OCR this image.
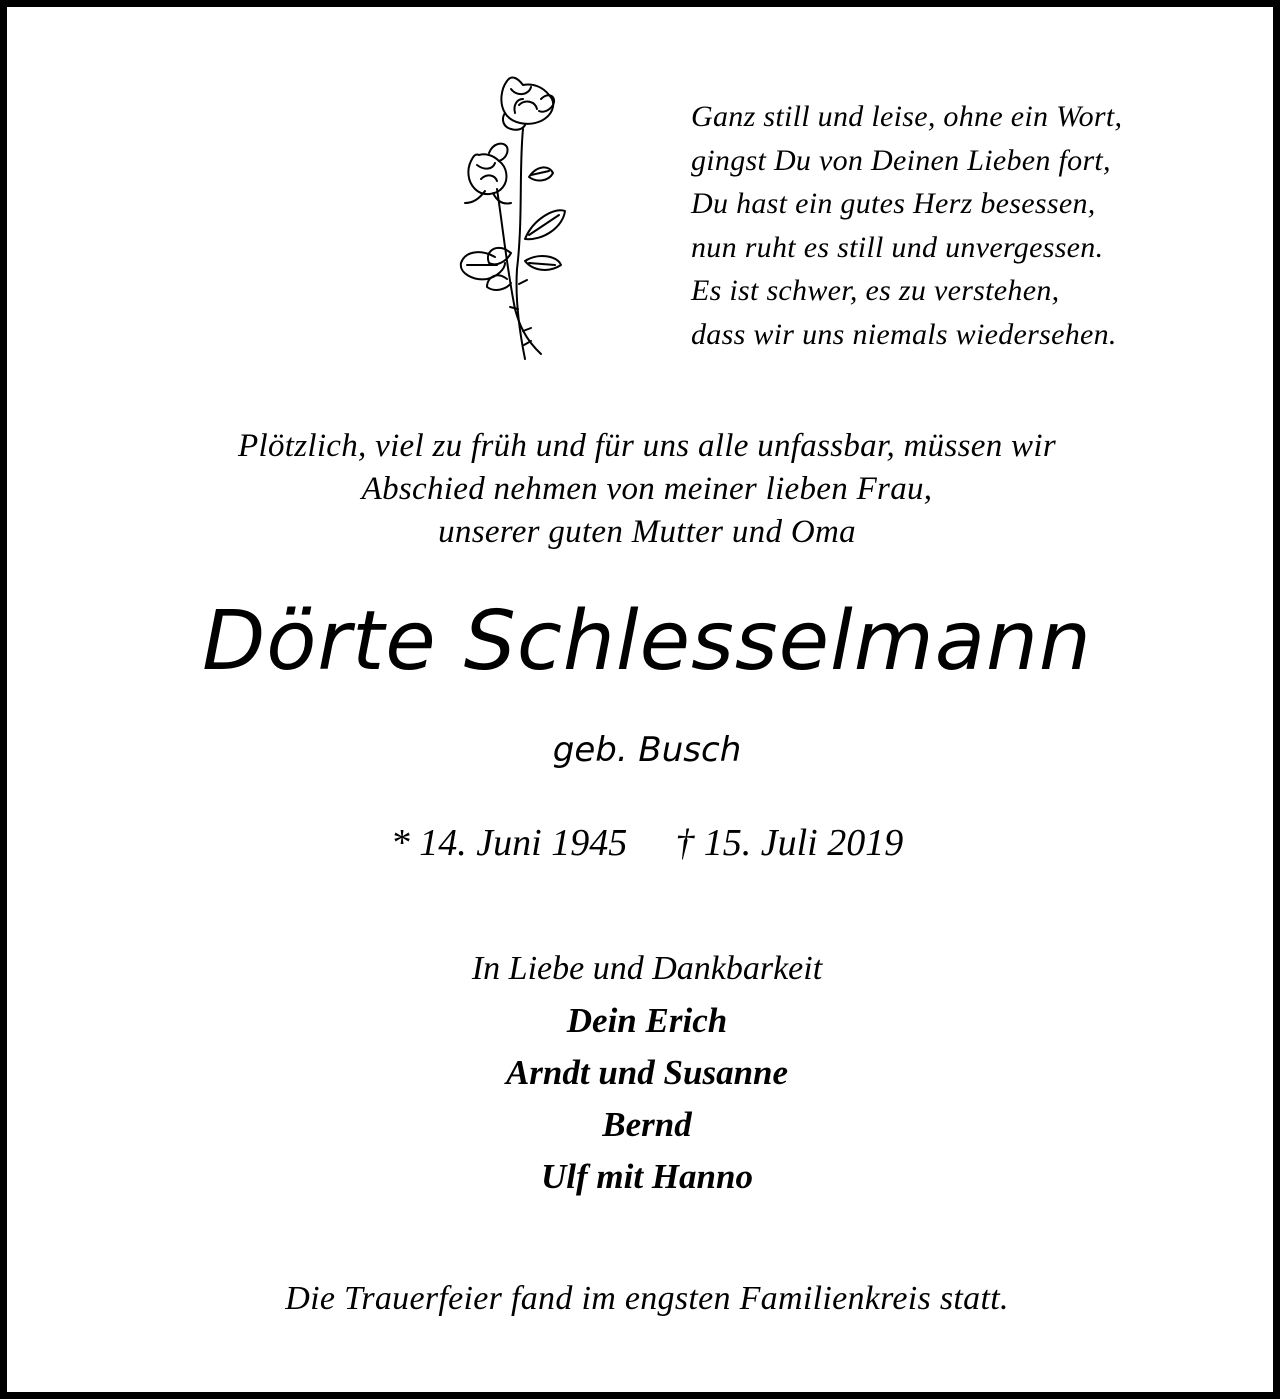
Ganz still und leise, ohne ein Wort,
gingst Du von Deinen Lieben fort,
Du hast ein gutes Herz besessen,
nun ruht es still und unvergessen.
Es ist schwer, es zu verstehen,
dass wir uns niemals wiedersehen.
Plötzlich, viel zu früh und für uns alle unfassbar, müssen wir
Abschied nehmen von meiner lieben Frau,
unserer guten Mutter und Oma
Dörte Schlesselmann
geb. Busch
* 14. Juni 1945 † 15. Juli 2019
In Liebe und Dankbarkeit
Dein Erich
Arndt und Susanne
Bernd
Ulf mit Hanno
Die Trauerfeier fand im engsten Familienkreis statt.
